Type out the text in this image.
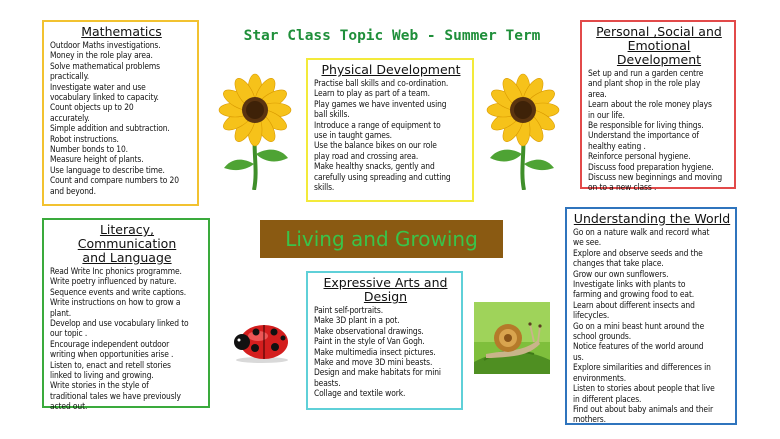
Star Class Topic Web - Summer Term
Living and Growing
Mathematics
Outdoor Maths investigations.
Money in the role play area.
Solve mathematical problems
practically.
Investigate water and use
vocabulary linked to capacity.
Count objects up to 20
accurately.
Simple addition and subtraction.
Robot instructions.
Number bonds to 10.
Measure height of plants.
Use language to describe time.
Count and compare numbers to 20
and beyond.
Physical Development
Practise ball skills and co-ordination.
Learn to play as part of a team.
Play games we have invented using
ball skills.
Introduce a range of equipment to
use in taught games.
Use the balance bikes on our role
play road and crossing area.
Make healthy snacks, gently and
carefully using spreading and cutting
skills.
Personal ,Social and
Emotional Development
Set up and run a garden centre
and plant shop in the role play
area.
Learn about the role money plays
in our life.
Be responsible for living things.
Understand the importance of
healthy eating .
Reinforce personal hygiene.
Discuss food preparation hygiene.
Discuss new beginnings and moving
on to a new class .
Literacy, Communication
and Language
Read Write Inc phonics programme.
Write poetry influenced by nature.
Sequence events and write captions.
Write instructions on how to grow a
plant.
Develop and use vocabulary linked to
our topic .
Encourage independent outdoor
writing when opportunities arise .
Listen to, enact and retell stories
linked to living and growing.
Write stories in the style of
traditional tales we have previously
acted out.
Expressive Arts and
Design
Paint self-portraits.
Make 3D plant in a pot.
Make observational drawings.
Paint in the style of Van Gogh.
Make multimedia insect pictures.
Make and move 3D mini beasts.
Design and make habitats for mini
beasts.
Collage and textile work.
Understanding the World
Go on a nature walk and record what
we see.
Explore and observe seeds and the
changes that take place.
Grow our own sunflowers.
Investigate links with plants to
farming and growing food to eat.
Learn about different insects and
lifecycles.
Go on a mini beast hunt around the
school grounds.
Notice features of the world around
us.
Explore similarities and differences in
environments.
Listen to stories about people that live
in different places.
Find out about baby animals and their
mothers.
